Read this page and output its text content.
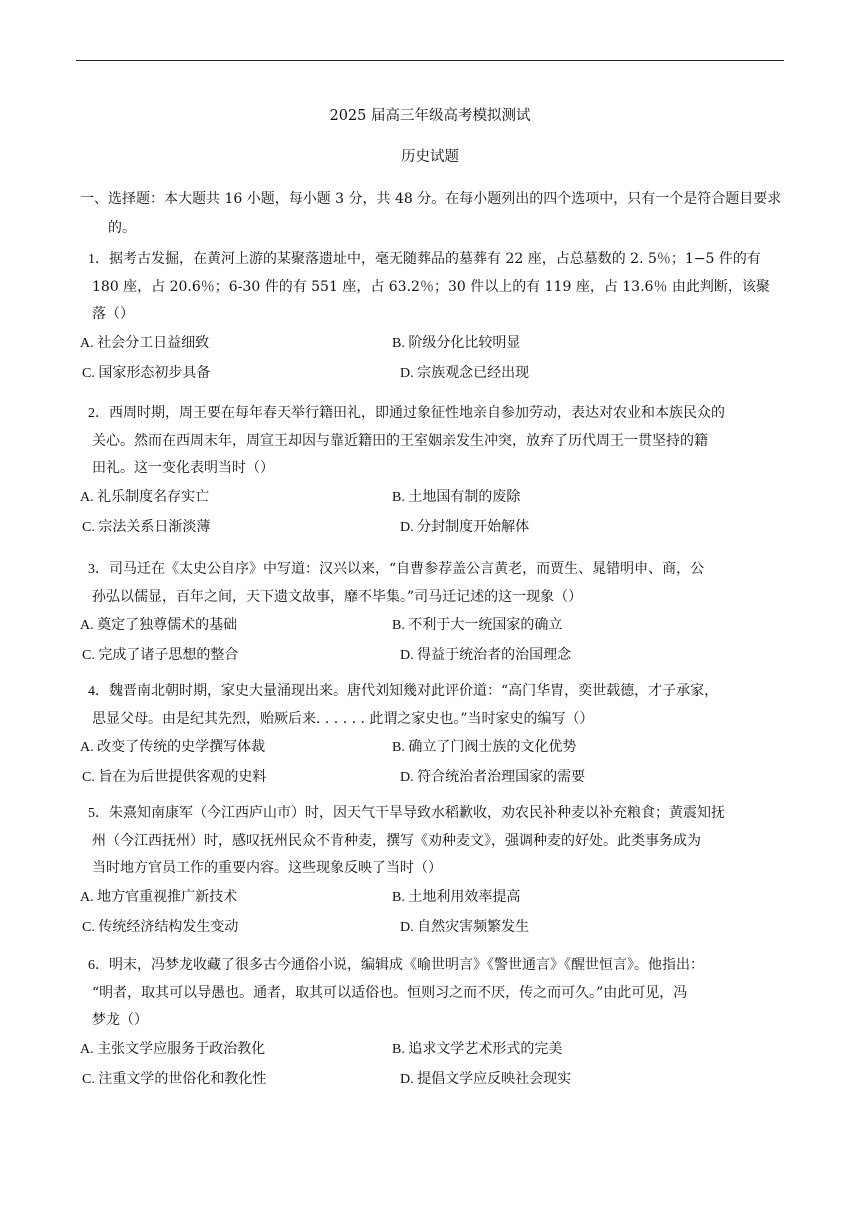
2025 届高三年级高考模拟测试
历史试题
一、选择题：本大题共 16 小题，每小题 3 分，共 48 分。在每小题列出的四个选项中，只有一个是符合题目要求的。
1．据考古发掘，在黄河上游的某聚落遗址中，毫无随葬品的墓葬有 22 座，占总墓数的 2. 5％；1−5 件的有
180 座，占 20.6％；6-30 件的有 551 座，占 63.2％；30 件以上的有 119 座，占 13.6％ 由此判断，该聚
落（）
A. 社会分工日益细致	B. 阶级分化比较明显
C. 国家形态初步具备	D. 宗族观念已经出现
2．西周时期，周王要在每年春天举行籍田礼，即通过象征性地亲自参加劳动，表达对农业和本族民众的
关心。然而在西周末年，周宣王却因与靠近籍田的王室姻亲发生冲突，放弃了历代周王一贯坚持的籍
田礼。这一变化表明当时（）
A. 礼乐制度名存实亡	B. 土地国有制的废除
C. 宗法关系日渐淡薄	D. 分封制度开始解体
3．司马迁在《太史公自序》中写道：汉兴以来，“自曹参荐盖公言黄老，而贾生、晁错明申、商，公
孙弘以儒显，百年之间，天下遗文故事，靡不毕集。”司马迁记述的这一现象（）
A. 奠定了独尊儒术的基础	B. 不利于大一统国家的确立
C. 完成了诸子思想的整合	D. 得益于统治者的治国理念
4．魏晋南北朝时期，家史大量涌现出来。唐代刘知幾对此评价道：“高门华胄，奕世载德，才子承家，
思显父母。由是纪其先烈，贻厥后来. . . . . . 此谓之家史也。”当时家史的编写（）
A. 改变了传统的史学撰写体裁	B. 确立了门阀士族的文化优势
C. 旨在为后世提供客观的史料	D. 符合统治者治理国家的需要
5．朱熹知南康军（今江西庐山市）时，因天气干旱导致水稻歉收，劝农民补种麦以补充粮食；黄震知抚
州（今江西抚州）时，感叹抚州民众不肯种麦，撰写《劝种麦文》，强调种麦的好处。此类事务成为
当时地方官员工作的重要内容。这些现象反映了当时（）
A. 地方官重视推广新技术	B. 土地利用效率提高
C. 传统经济结构发生变动	D. 自然灾害频繁发生
6．明末，冯梦龙收藏了很多古今通俗小说，编辑成《喻世明言》《警世通言》《醒世恒言》。他指出：
“明者，取其可以导愚也。通者，取其可以适俗也。恒则习之而不厌，传之而可久。”由此可见，冯
梦龙（）
A. 主张文学应服务于政治教化	B. 追求文学艺术形式的完美
C. 注重文学的世俗化和教化性	D. 提倡文学应反映社会现实
